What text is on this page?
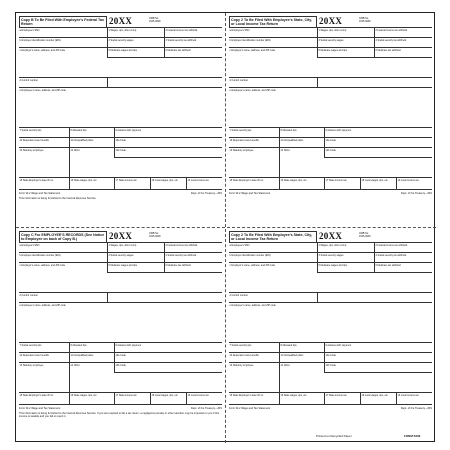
Copy B To Be Filed With Employee's Federal Tax Return	20XX	OMB No. 1545-0008
a Employee's SSN	1 Wages, tips, other comp.	2 Federal income tax withheld
b Employer identification number (EIN)	3 Social security wages	4 Social security tax withheld
c Employer's name, address, and ZIP code	5 Medicare wages and tips	6 Medicare tax withheld
d Control number
e Employee's name, address, and ZIP code
7 Social security tips	8 Allocated tips	9 Advance EIC payment
10 Dependent care benefits	11 Nonqualified plans	12a Code
13 Statutory employee	14 Other	12b Code
15 State Employer's state ID no.	16 State wages, tips, etc.	17 State income tax	18 Local wages, tips, etc.	19 Local income tax
Form W-2 Wage and Tax Statement	Dept. of the Treasury—IRS
This information is being furnished to the Internal Revenue Service.
Copy 2 To Be Filed With Employee's State, City, or Local Income Tax Return	20XX	OMB No. 1545-0008
a Employee's SSN	1 Wages, tips, other comp.	2 Federal income tax withheld
b Employer identification number (EIN)	3 Social security wages	4 Social security tax withheld
c Employer's name, address, and ZIP code	5 Medicare wages and tips	6 Medicare tax withheld
d Control number
e Employee's name, address, and ZIP code
7 Social security tips	8 Allocated tips	9 Advance EIC payment
10 Dependent care benefits	11 Nonqualified plans	12a Code
13 Statutory employee	14 Other	12b Code
15 State Employer's state ID no.	16 State wages, tips, etc.	17 State income tax	18 Local wages, tips, etc.	19 Local income tax
Form W-2 Wage and Tax Statement	Dept. of the Treasury—IRS
Copy C For EMPLOYEE'S RECORDS (See Notice to Employee on back of Copy B.)	20XX	OMB No. 1545-0008
a Employee's SSN	1 Wages, tips, other comp.	2 Federal income tax withheld
b Employer identification number (EIN)	3 Social security wages	4 Social security tax withheld
c Employer's name, address, and ZIP code	5 Medicare wages and tips	6 Medicare tax withheld
d Control number
e Employee's name, address, and ZIP code
7 Social security tips	8 Allocated tips	9 Advance EIC payment
10 Dependent care benefits	11 Nonqualified plans	12a Code
13 Statutory employee	14 Other	12b Code
15 State Employer's state ID no.	16 State wages, tips, etc.	17 State income tax	18 Local wages, tips, etc.	19 Local income tax
Form W-2 Wage and Tax Statement	Dept. of the Treasury—IRS
This information is being furnished to the Internal Revenue Service. If you are required to file a tax return, a negligence penalty or other sanction may be imposed on you if this income is taxable and you fail to report it.
Copy 2 To Be Filed With Employee's State, City, or Local Income Tax Return	20XX	OMB No. 1545-0008
a Employee's SSN	1 Wages, tips, other comp.	2 Federal income tax withheld
b Employer identification number (EIN)	3 Social security wages	4 Social security tax withheld
c Employer's name, address, and ZIP code	5 Medicare wages and tips	6 Medicare tax withheld
d Control number
e Employee's name, address, and ZIP code
7 Social security tips	8 Allocated tips	9 Advance EIC payment
10 Dependent care benefits	11 Nonqualified plans	12a Code
13 Statutory employee	14 Other	12b Code
15 State Employer's state ID no.	16 State wages, tips, etc.	17 State income tax	18 Local wages, tips, etc.	19 Local income tax
Form W-2 Wage and Tax Statement	Dept. of the Treasury—IRS
Printed on Recycled Paper	FORM 5209
